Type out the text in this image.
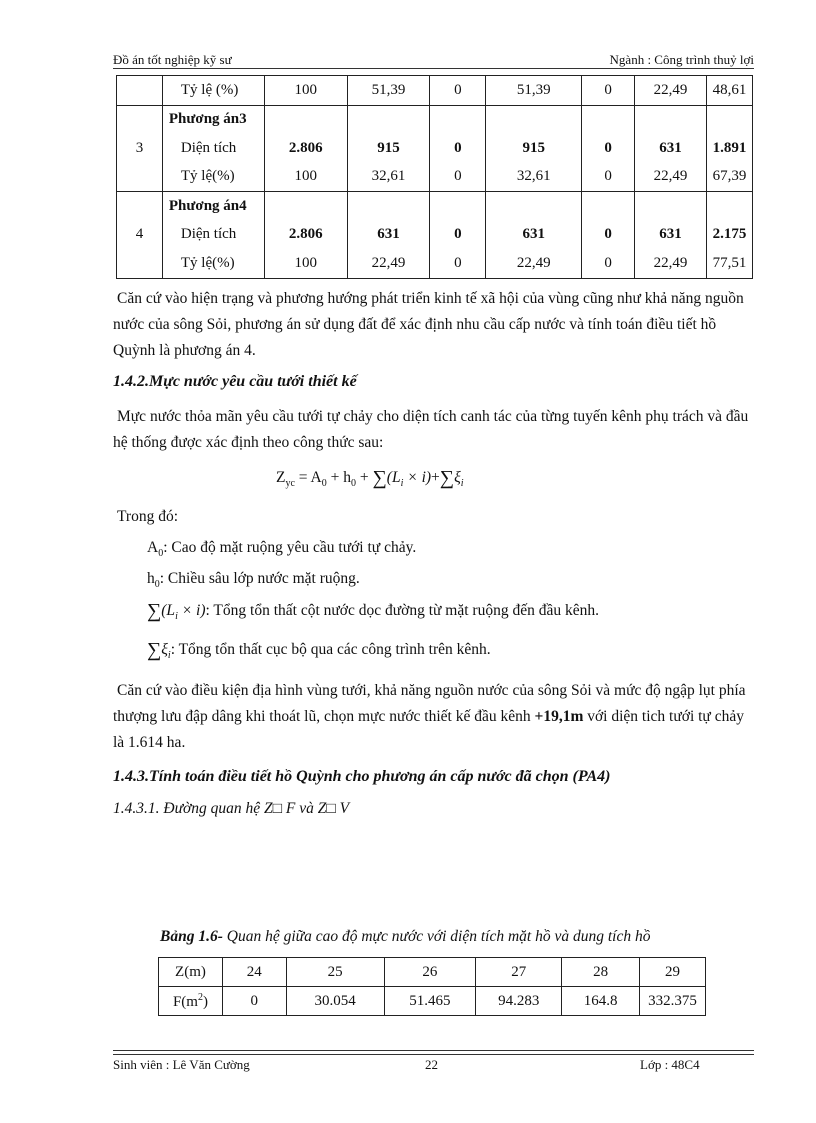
Đồ án tốt nghiệp kỹ sư	Ngành : Công trình thuỷ lợi
	Tỷ lệ (%)	100	51,39	0	51,39	0	22,49	48,61
	Phương án3							
3	Diện tích	2.806	915	0	915	0	631	1.891
	Tỷ lệ(%)	100	32,61	0	32,61	0	22,49	67,39
	Phương án4							
4	Diện tích	2.806	631	0	631	0	631	2.175
	Tỷ lệ(%)	100	22,49	0	22,49	0	22,49	77,51
Căn cứ vào hiện trạng và phương hướng phát triển kinh tế xã hội của vùng cũng như khả năng nguồn nước của sông Sỏi, phương án sử dụng đất để xác định nhu cầu cấp nước và tính toán điều tiết hồ Quỳnh là phương án 4.
1.4.2.Mực nước yêu cầu tưới thiết kế
Mực nước thỏa mãn yêu cầu tưới tự chảy cho diện tích canh tác của từng tuyến kênh phụ trách và đầu hệ thống được xác định theo công thức sau:
$Z_{yc} = A_0 + h_0 + \sum(L_i \times i)+\sum\xi_i$
Trong đó:
$A_0$: Cao độ mặt ruộng yêu cầu tưới tự chảy.
$h_0$: Chiều sâu lớp nước mặt ruộng.
$\sum(L_i \times i)$: Tổng tổn thất cột nước dọc đường từ mặt ruộng đến đầu kênh.
$\sum\xi_i$: Tổng tổn thất cục bộ qua các công trình trên kênh.
Căn cứ vào điều kiện địa hình vùng tưới, khả năng nguồn nước của sông Sỏi và mức độ ngập lụt phía thượng lưu đập dâng khi thoát lũ, chọn mực nước thiết kế đầu kênh +19,1m với diện tich tưới tự chảy là 1.614 ha.
1.4.3.Tính toán điều tiết hồ Quỳnh cho phương án cấp nước đã chọn (PA4)
1.4.3.1. Đường quan hệ Z□ F và Z□ V
Bảng 1.6- Quan hệ giữa cao độ mực nước với diện tích mặt hồ và dung tích hồ
Z(m)	24	25	26	27	28	29
$F(m^2)$	0	30.054	51.465	94.283	164.8	332.375
Sinh viên : Lê Văn Cường	22	Lớp : 48C4
